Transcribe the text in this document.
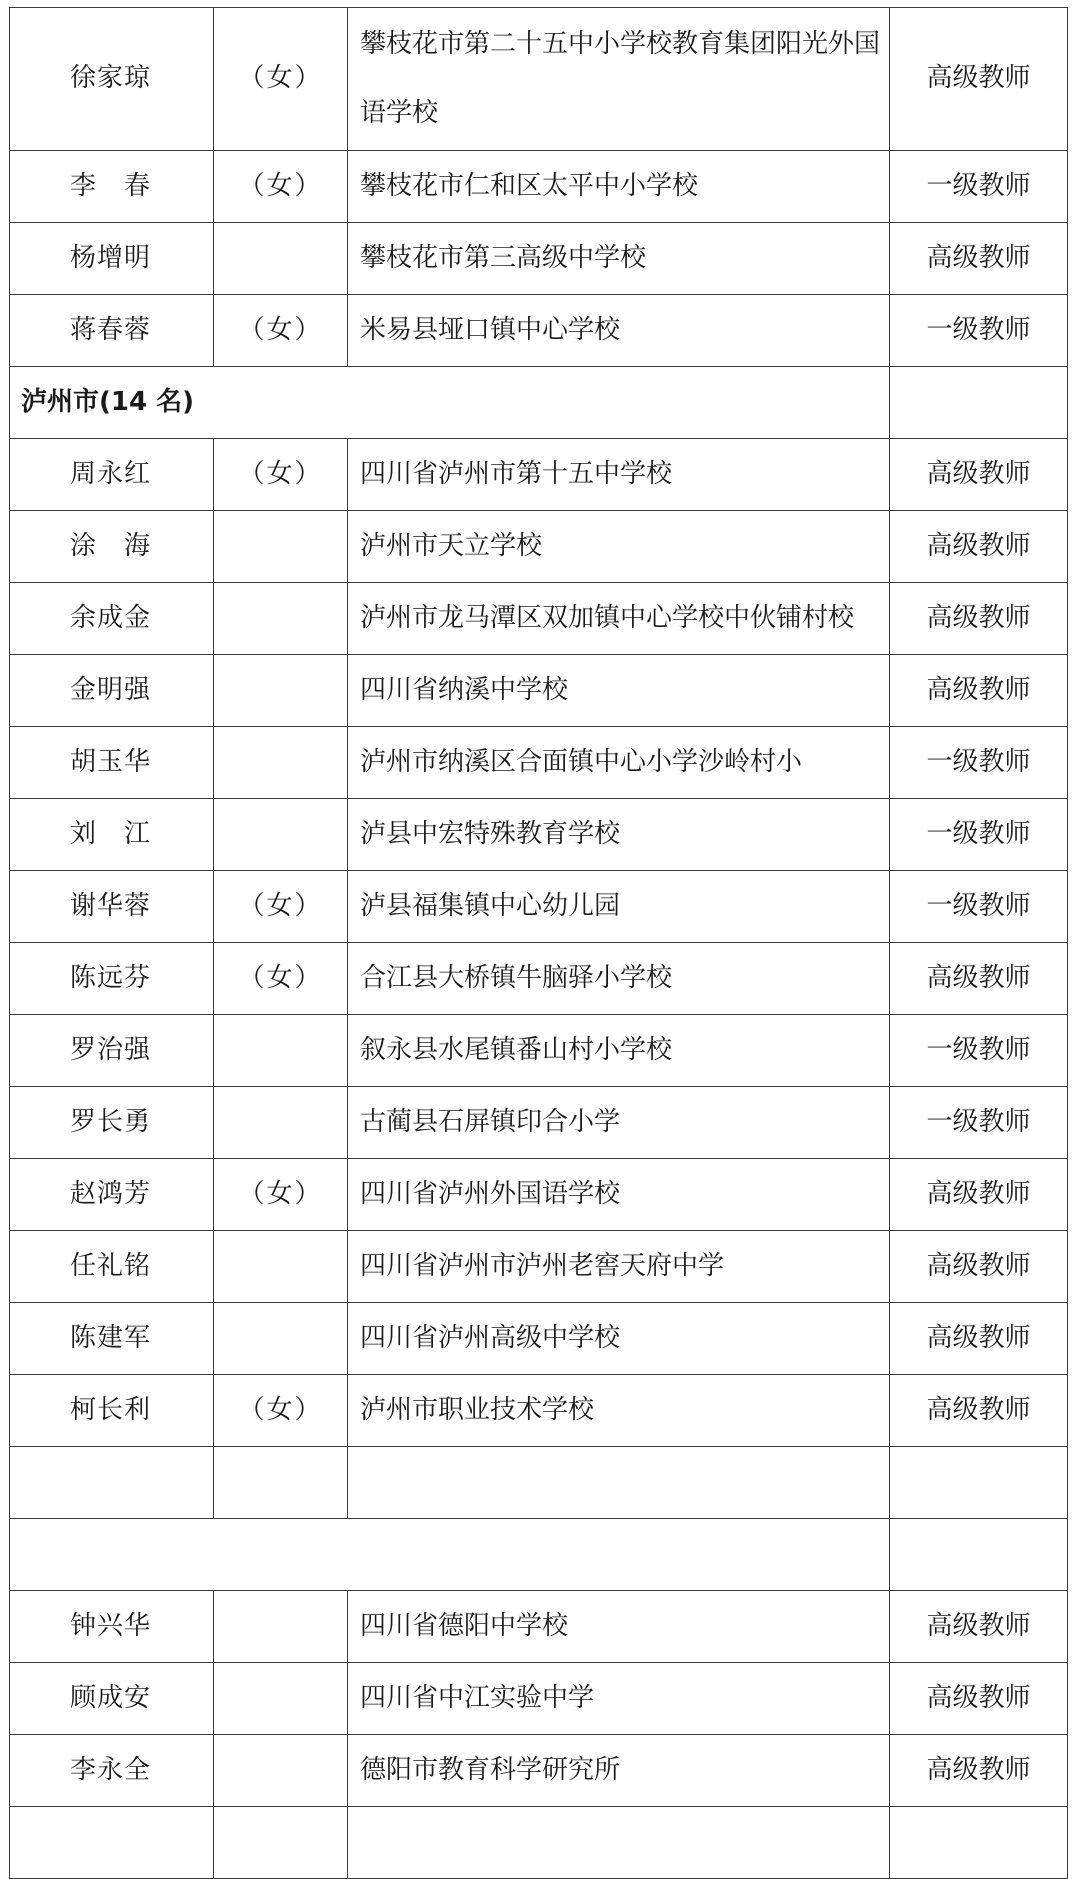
徐家琼	（女）	攀枝花市第二十五中小学校教育集团阳光外国语学校	高级教师
李　春	（女）	攀枝花市仁和区太平中小学校	一级教师
杨增明		攀枝花市第三高级中学校	高级教师
蒋春蓉	（女）	米易县垭口镇中心学校	一级教师
泸州市(14 名)			
周永红	（女）	四川省泸州市第十五中学校	高级教师
涂　海		泸州市天立学校	高级教师
余成金		泸州市龙马潭区双加镇中心学校中伙铺村校	高级教师
金明强		四川省纳溪中学校	高级教师
胡玉华		泸州市纳溪区合面镇中心小学沙岭村小	一级教师
刘　江		泸县中宏特殊教育学校	一级教师
谢华蓉	（女）	泸县福集镇中心幼儿园	一级教师
陈远芬	（女）	合江县大桥镇牛脑驿小学校	高级教师
罗治强		叙永县水尾镇番山村小学校	一级教师
罗长勇		古蔺县石屏镇印合小学	一级教师
赵鸿芳	（女）	四川省泸州外国语学校	高级教师
任礼铭		四川省泸州市泸州老窖天府中学	高级教师
陈建军		四川省泸州高级中学校	高级教师
柯长利	（女）	泸州市职业技术学校	高级教师

钟兴华		四川省德阳中学校	高级教师
顾成安		四川省中江实验中学	高级教师
李永全		德阳市教育科学研究所	高级教师
